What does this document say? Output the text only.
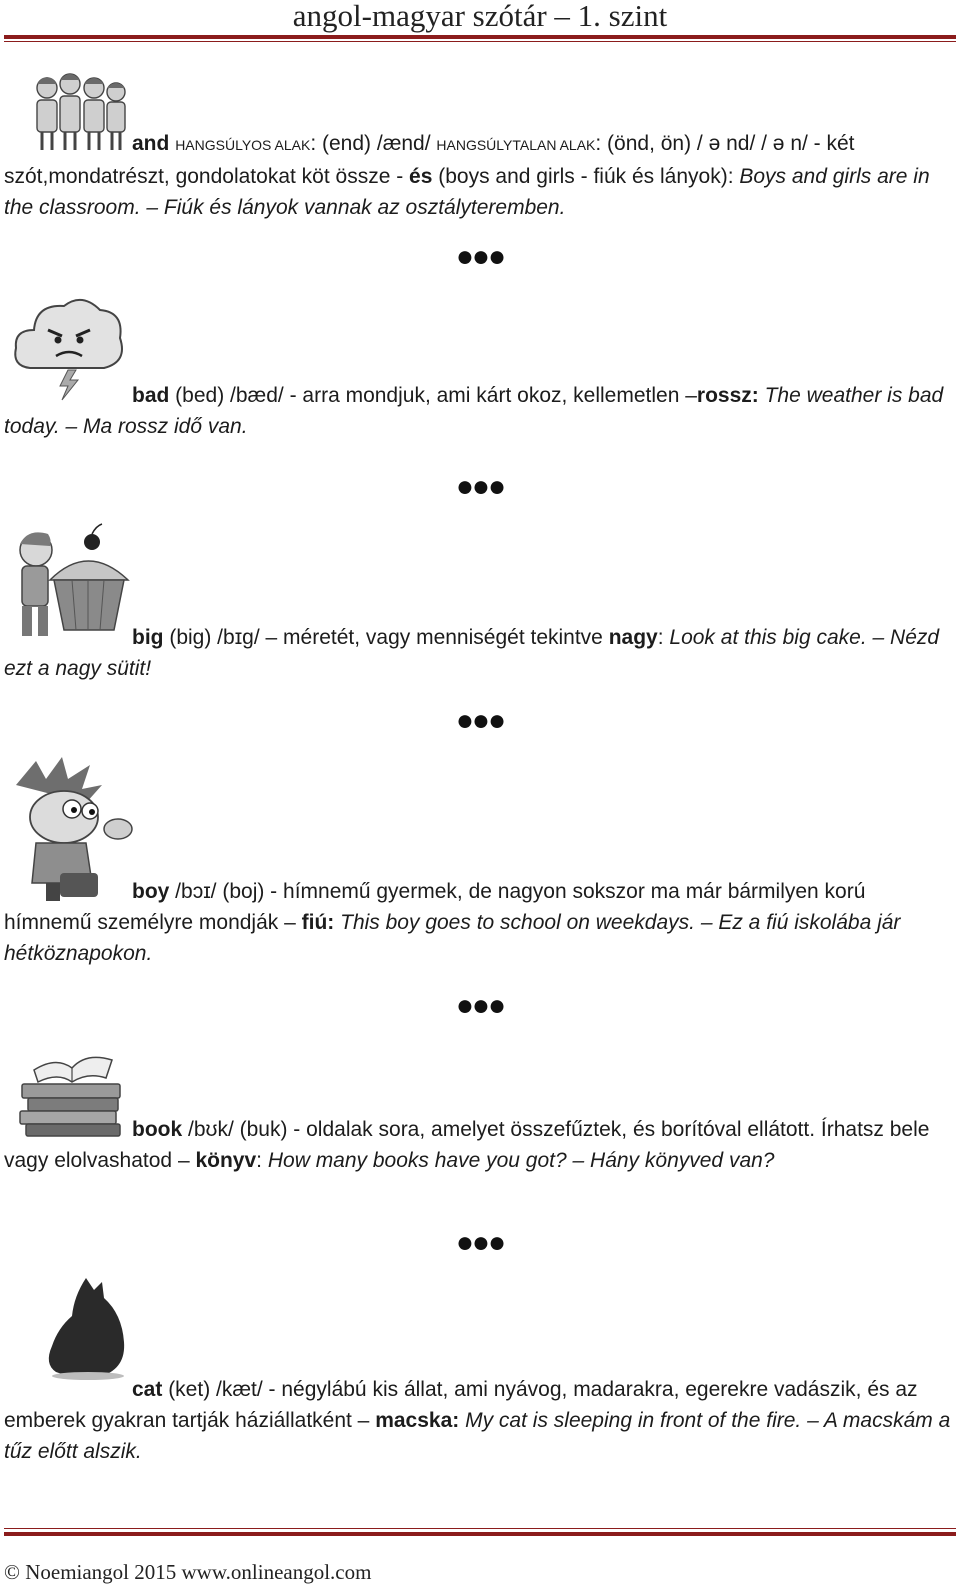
angol-magyar szótár – 1. szint
and HANGSÚLYOS ALAK: (end) /ænd/ HANGSÚLYTALAN ALAK: (önd, ön) / ə nd/ / ə n/ - két szót,mondatrészt, gondolatokat köt össze - és (boys and girls - fiúk és lányok): Boys and girls are in the classroom. – Fiúk és lányok vannak az osztályteremben.
●●●
bad (bed) /bæd/ - arra mondjuk, ami kárt okoz, kellemetlen –rossz: The weather is bad today. – Ma rossz idő van.
●●●
big (big) /bɪg/ – méretét, vagy menniségét tekintve nagy: Look at this big cake. – Nézd ezt a nagy sütit!
●●●
boy /bɔɪ/ (boj) - hímnemű gyermek, de nagyon sokszor ma már bármilyen korú hímnemű személyre mondják – fiú: This boy goes to school on weekdays. – Ez a fiú iskolába jár hétköznapokon.
●●●
book /bʊk/ (buk) - oldalak sora, amelyet összefűztek, és borítóval ellátott. Írhatsz bele vagy elolvashatod – könyv: How many books have you got? – Hány könyved van?
●●●
cat (ket) /kæt/ - négylábú kis állat, ami nyávog, madarakra, egerekre vadászik, és az emberek gyakran tartják háziállatként – macska: My cat is sleeping in front of the fire. – A macskám a tűz előtt alszik.
© Noemiangol 2015 www.onlineangol.com
